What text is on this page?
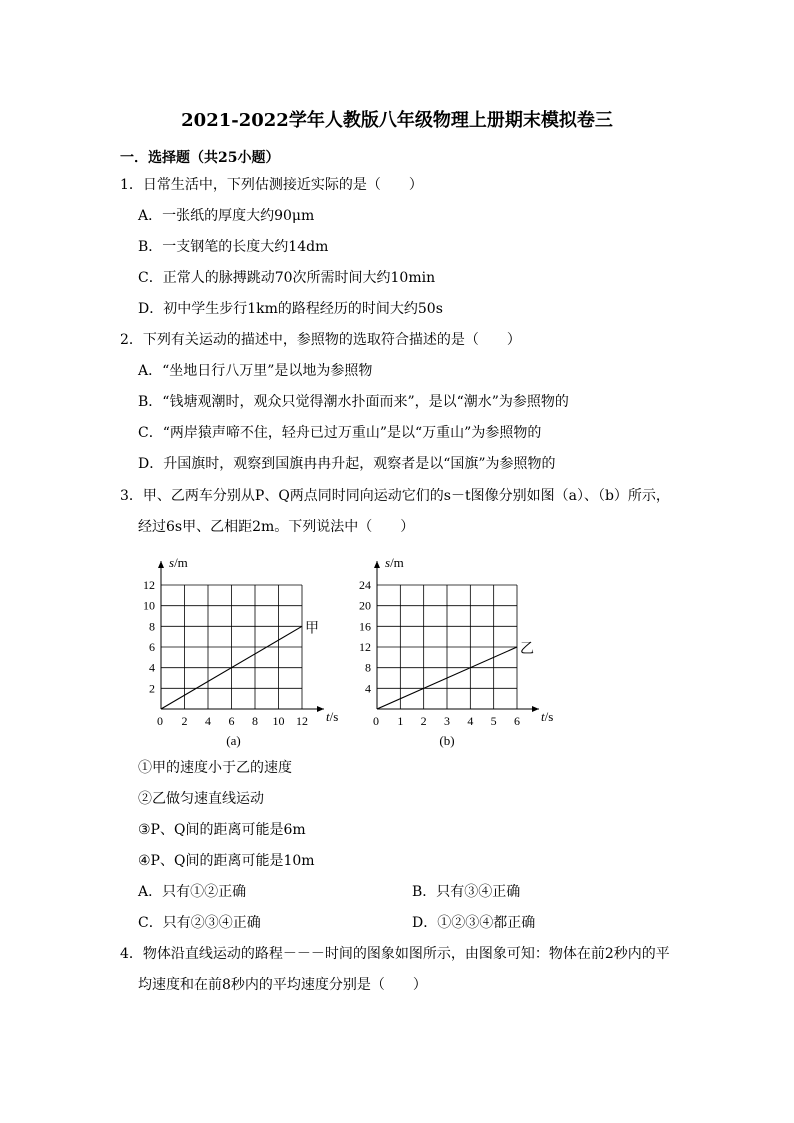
2021-2022学年人教版八年级物理上册期末模拟卷三
一．选择题（共25小题）
1．日常生活中，下列估测接近实际的是（　　）
A．一张纸的厚度大约90μm
B．一支钢笔的长度大约14dm
C．正常人的脉搏跳动70次所需时间大约10min
D．初中学生步行1km的路程经历的时间大约50s
2．下列有关运动的描述中，参照物的选取符合描述的是（　　）
A．“坐地日行八万里”是以地为参照物
B．“钱塘观潮时，观众只觉得潮水扑面而来”，是以“潮水”为参照物的
C．“两岸猿声啼不住，轻舟已过万重山”是以“万重山”为参照物的
D．升国旗时，观察到国旗冉冉升起，观察者是以“国旗”为参照物的
3．甲、乙两车分别从P、Q两点同时同向运动它们的s－t图像分别如图（a）、（b）所示，
经过6s甲、乙相距2m。下列说法中（　　）
0 2 4 6 8 10 12
2
4
6
8
10
12
s/m
t/s
甲
(a)
0 1 2 3 4 5 6
4
8
12
16
20
24
s/m
t/s
乙
(b)
①甲的速度小于乙的速度
②乙做匀速直线运动
③P、Q间的距离可能是6m
④P、Q间的距离可能是10m
A．只有①②正确	B．只有③④正确
C．只有②③④正确	D．①②③④都正确
4．物体沿直线运动的路程－－－时间的图象如图所示，由图象可知：物体在前2秒内的平
均速度和在前8秒内的平均速度分别是（　　）
